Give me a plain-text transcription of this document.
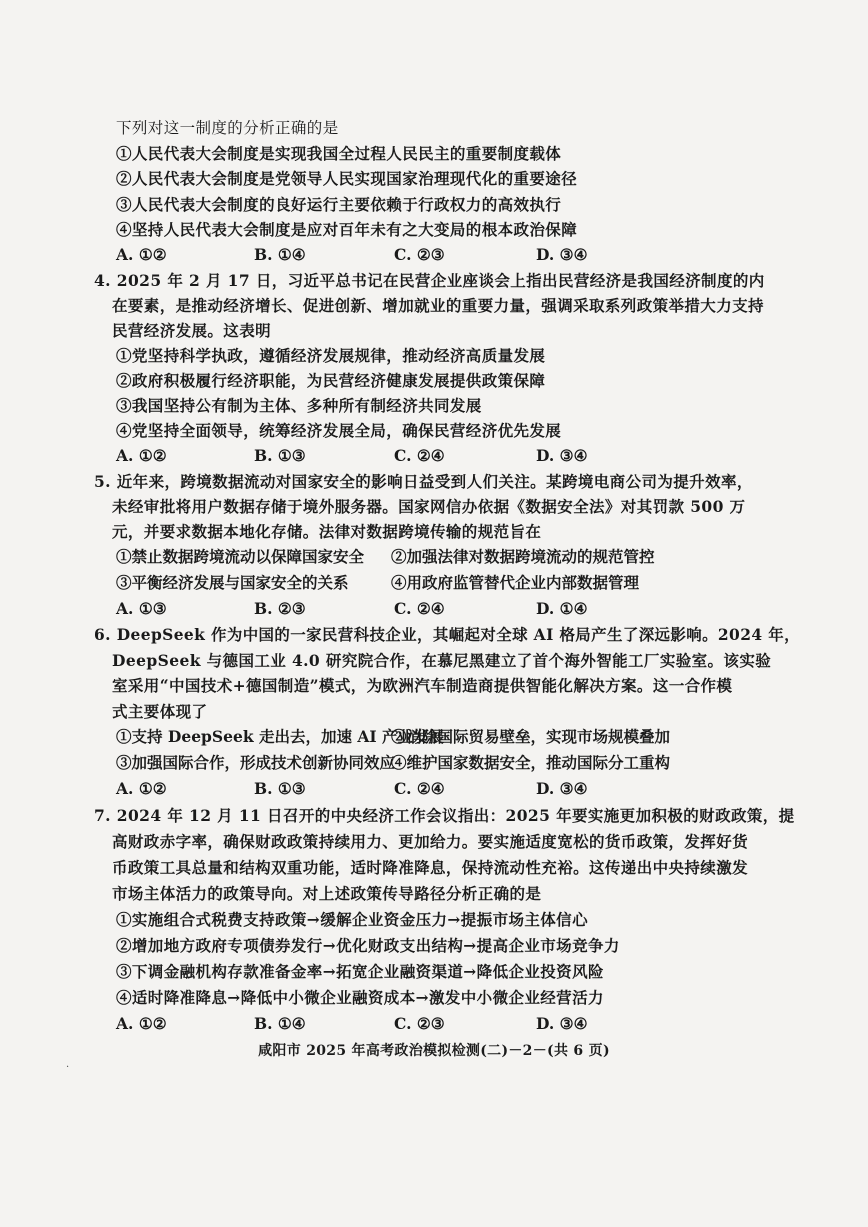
下列对这一制度的分析正确的是
①人民代表大会制度是实现我国全过程人民民主的重要制度载体
②人民代表大会制度是党领导人民实现国家治理现代化的重要途径
③人民代表大会制度的良好运行主要依赖于行政权力的高效执行
④坚持人民代表大会制度是应对百年未有之大变局的根本政治保障
A. ①②	B. ①④	C. ②③	D. ③④
4. 2025 年 2 月 17 日，习近平总书记在民营企业座谈会上指出民营经济是我国经济制度的内
在要素，是推动经济增长、促进创新、增加就业的重要力量，强调采取系列政策举措大力支持
民营经济发展。这表明
①党坚持科学执政，遵循经济发展规律，推动经济高质量发展
②政府积极履行经济职能，为民营经济健康发展提供政策保障
③我国坚持公有制为主体、多种所有制经济共同发展
④党坚持全面领导，统筹经济发展全局，确保民营经济优先发展
A. ①②	B. ①③	C. ②④	D. ③④
5. 近年来，跨境数据流动对国家安全的影响日益受到人们关注。某跨境电商公司为提升效率，
未经审批将用户数据存储于境外服务器。国家网信办依据《数据安全法》对其罚款 500 万
元，并要求数据本地化存储。法律对数据跨境传输的规范旨在
①禁止数据跨境流动以保障国家安全 ②加强法律对数据跨境流动的规范管控
③平衡经济发展与国家安全的关系	④用政府监管替代企业内部数据管理
A. ①③	B. ②③	C. ②④	D. ①④
6. DeepSeek 作为中国的一家民营科技企业，其崛起对全球 AI 格局产生了深远影响。2024 年，
DeepSeek 与德国工业 4.0 研究院合作，在慕尼黑建立了首个海外智能工厂实验室。该实验
室采用“中国技术+德国制造”模式，为欧洲汽车制造商提供智能化解决方案。这一合作模
式主要体现了
①支持 DeepSeek 走出去，加速 AI 产业发展
②消除国际贸易壁垒，实现市场规模叠加
③加强国际合作，形成技术创新协同效应
④维护国家数据安全，推动国际分工重构
A. ①②	B. ①③	C. ②④	D. ③④
7. 2024 年 12 月 11 日召开的中央经济工作会议指出：2025 年要实施更加积极的财政政策，提
高财政赤字率，确保财政政策持续用力、更加给力。要实施适度宽松的货币政策，发挥好货
币政策工具总量和结构双重功能，适时降准降息，保持流动性充裕。这传递出中央持续激发
市场主体活力的政策导向。对上述政策传导路径分析正确的是
①实施组合式税费支持政策→缓解企业资金压力→提振市场主体信心
②增加地方政府专项债券发行→优化财政支出结构→提高企业市场竞争力
③下调金融机构存款准备金率→拓宽企业融资渠道→降低企业投资风险
④适时降准降息→降低中小微企业融资成本→激发中小微企业经营活力
A. ①②	B. ①④	C. ②③	D. ③④
咸阳市 2025 年高考政治模拟检测(二)－2－(共 6 页)
·
